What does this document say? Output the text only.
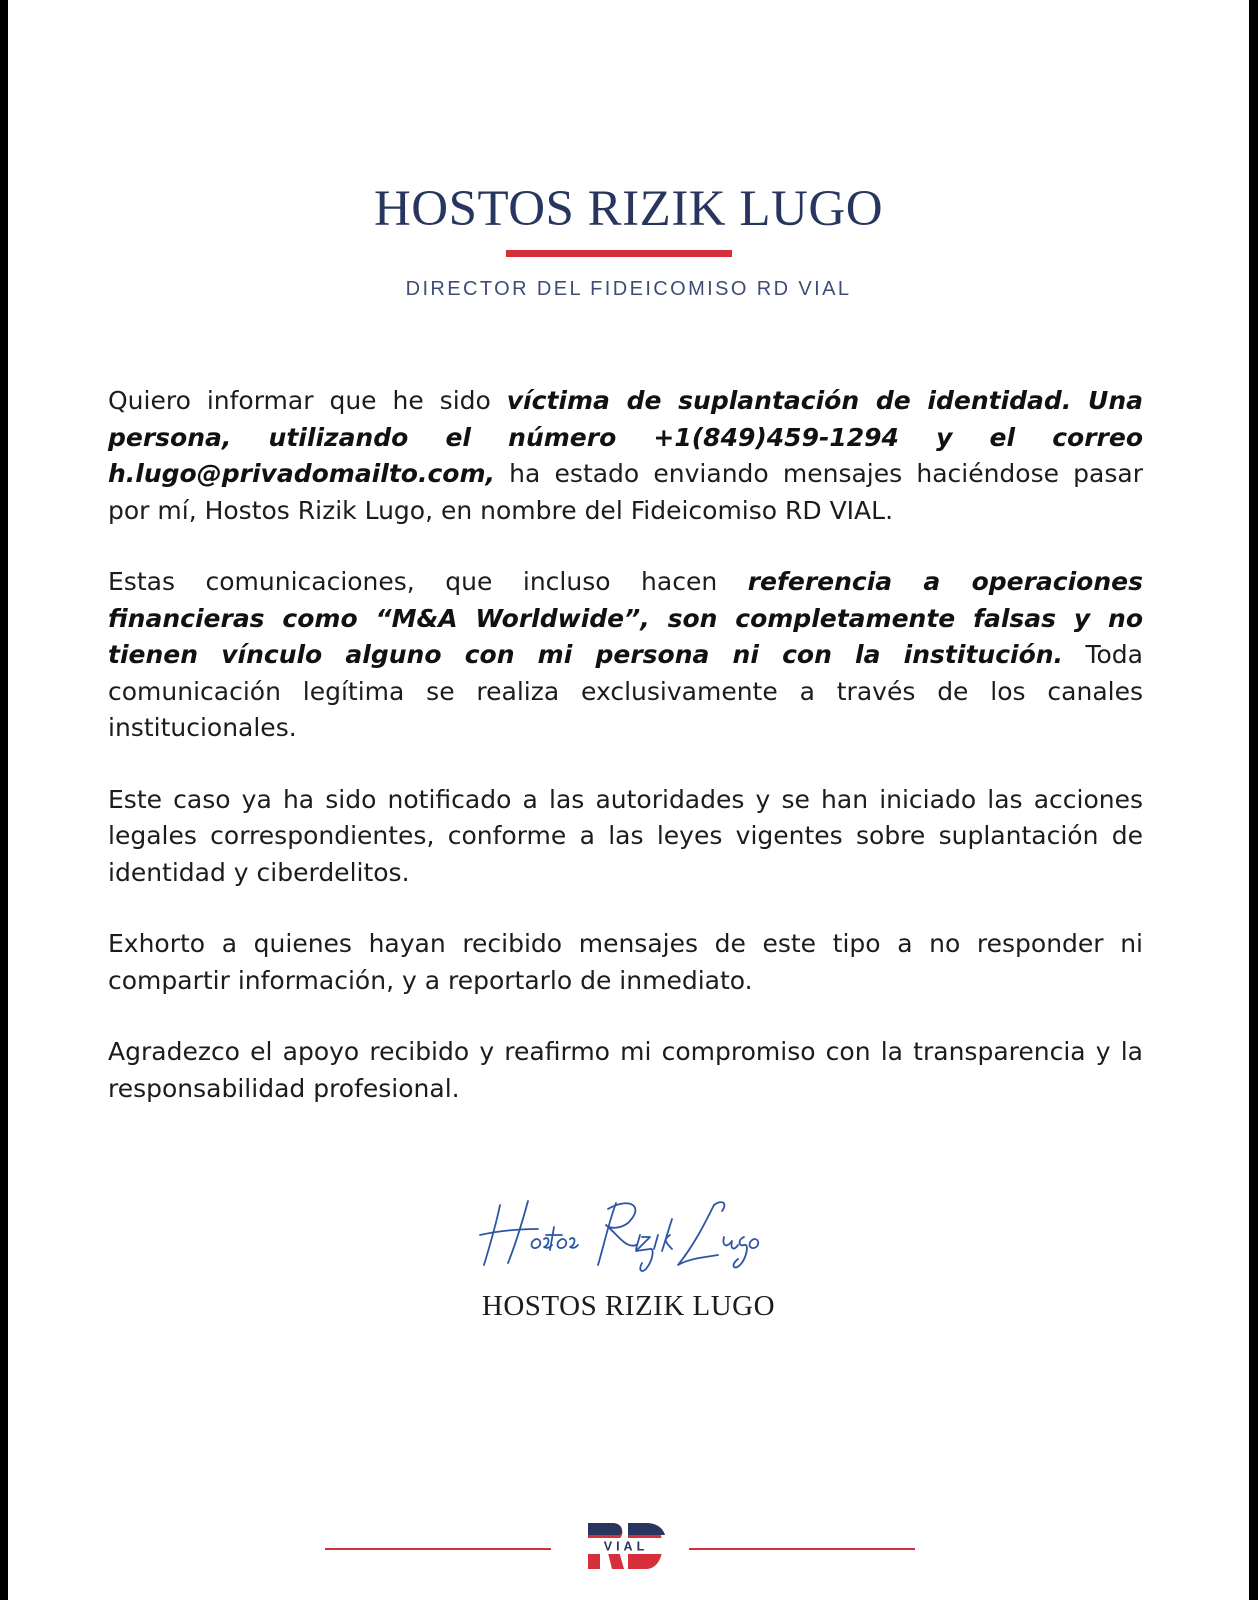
HOSTOS RIZIK LUGO
DIRECTOR DEL FIDEICOMISO RD VIAL

Quiero informar que he sido víctima de suplantación de identidad. Una persona, utilizando el número +1(849)459-1294 y el correo h.lugo@privadomailto.com, ha estado enviando mensajes haciéndose pasar por mí, Hostos Rizik Lugo, en nombre del Fideicomiso RD VIAL.

Estas comunicaciones, que incluso hacen referencia a operaciones financieras como “M&A Worldwide”, son completamente falsas y no tienen vínculo alguno con mi persona ni con la institución. Toda comunicación legítima se realiza exclusivamente a través de los canales institucionales.

Este caso ya ha sido notificado a las autoridades y se han iniciado las acciones legales correspondientes, conforme a las leyes vigentes sobre suplantación de identidad y ciberdelitos.

Exhorto a quienes hayan recibido mensajes de este tipo a no responder ni compartir información, y a reportarlo de inmediato.

Agradezco el apoyo recibido y reafirmo mi compromiso con la transparencia y la responsabilidad profesional.

HOSTOS RIZIK LUGO
VIAL
